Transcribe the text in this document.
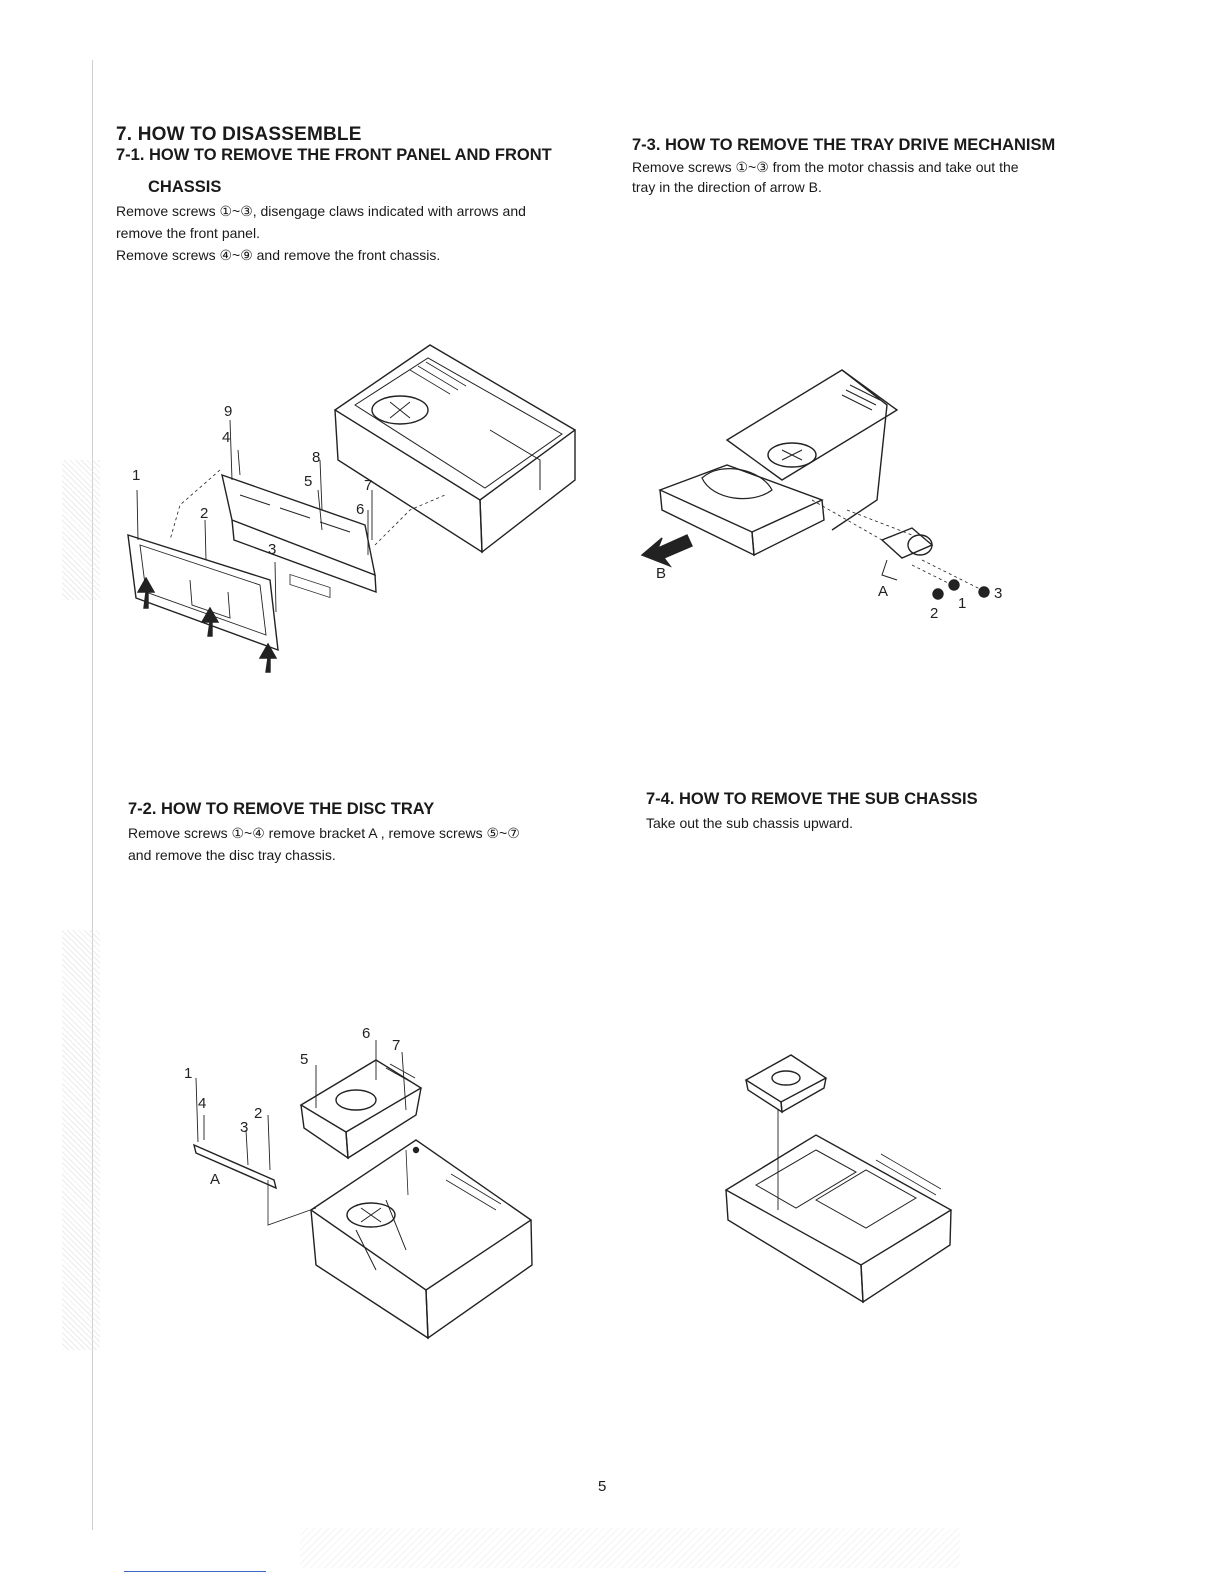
7. HOW TO DISASSEMBLE
7-1. HOW TO REMOVE THE FRONT PANEL AND FRONT
CHASSIS

Remove screws ①~③, disengage claws indicated with arrows and

remove the front panel.

Remove screws ④~⑨ and remove the front chassis.

7-3. HOW TO REMOVE THE TRAY DRIVE MECHANISM

Remove screws ①~③ from the motor chassis and take out the

tray in the direction of arrow B.

9
4
8
1	5	7
6
2
3
B
A
2
1
3
7-2. HOW TO REMOVE THE DISC TRAY

Remove screws ①~④ remove bracket A , remove screws ⑤~⑦

and remove the disc tray chassis.

7-4. HOW TO REMOVE THE SUB CHASSIS

Take out the sub chassis upward.

6
7
5
1
4
2
3
A
5
